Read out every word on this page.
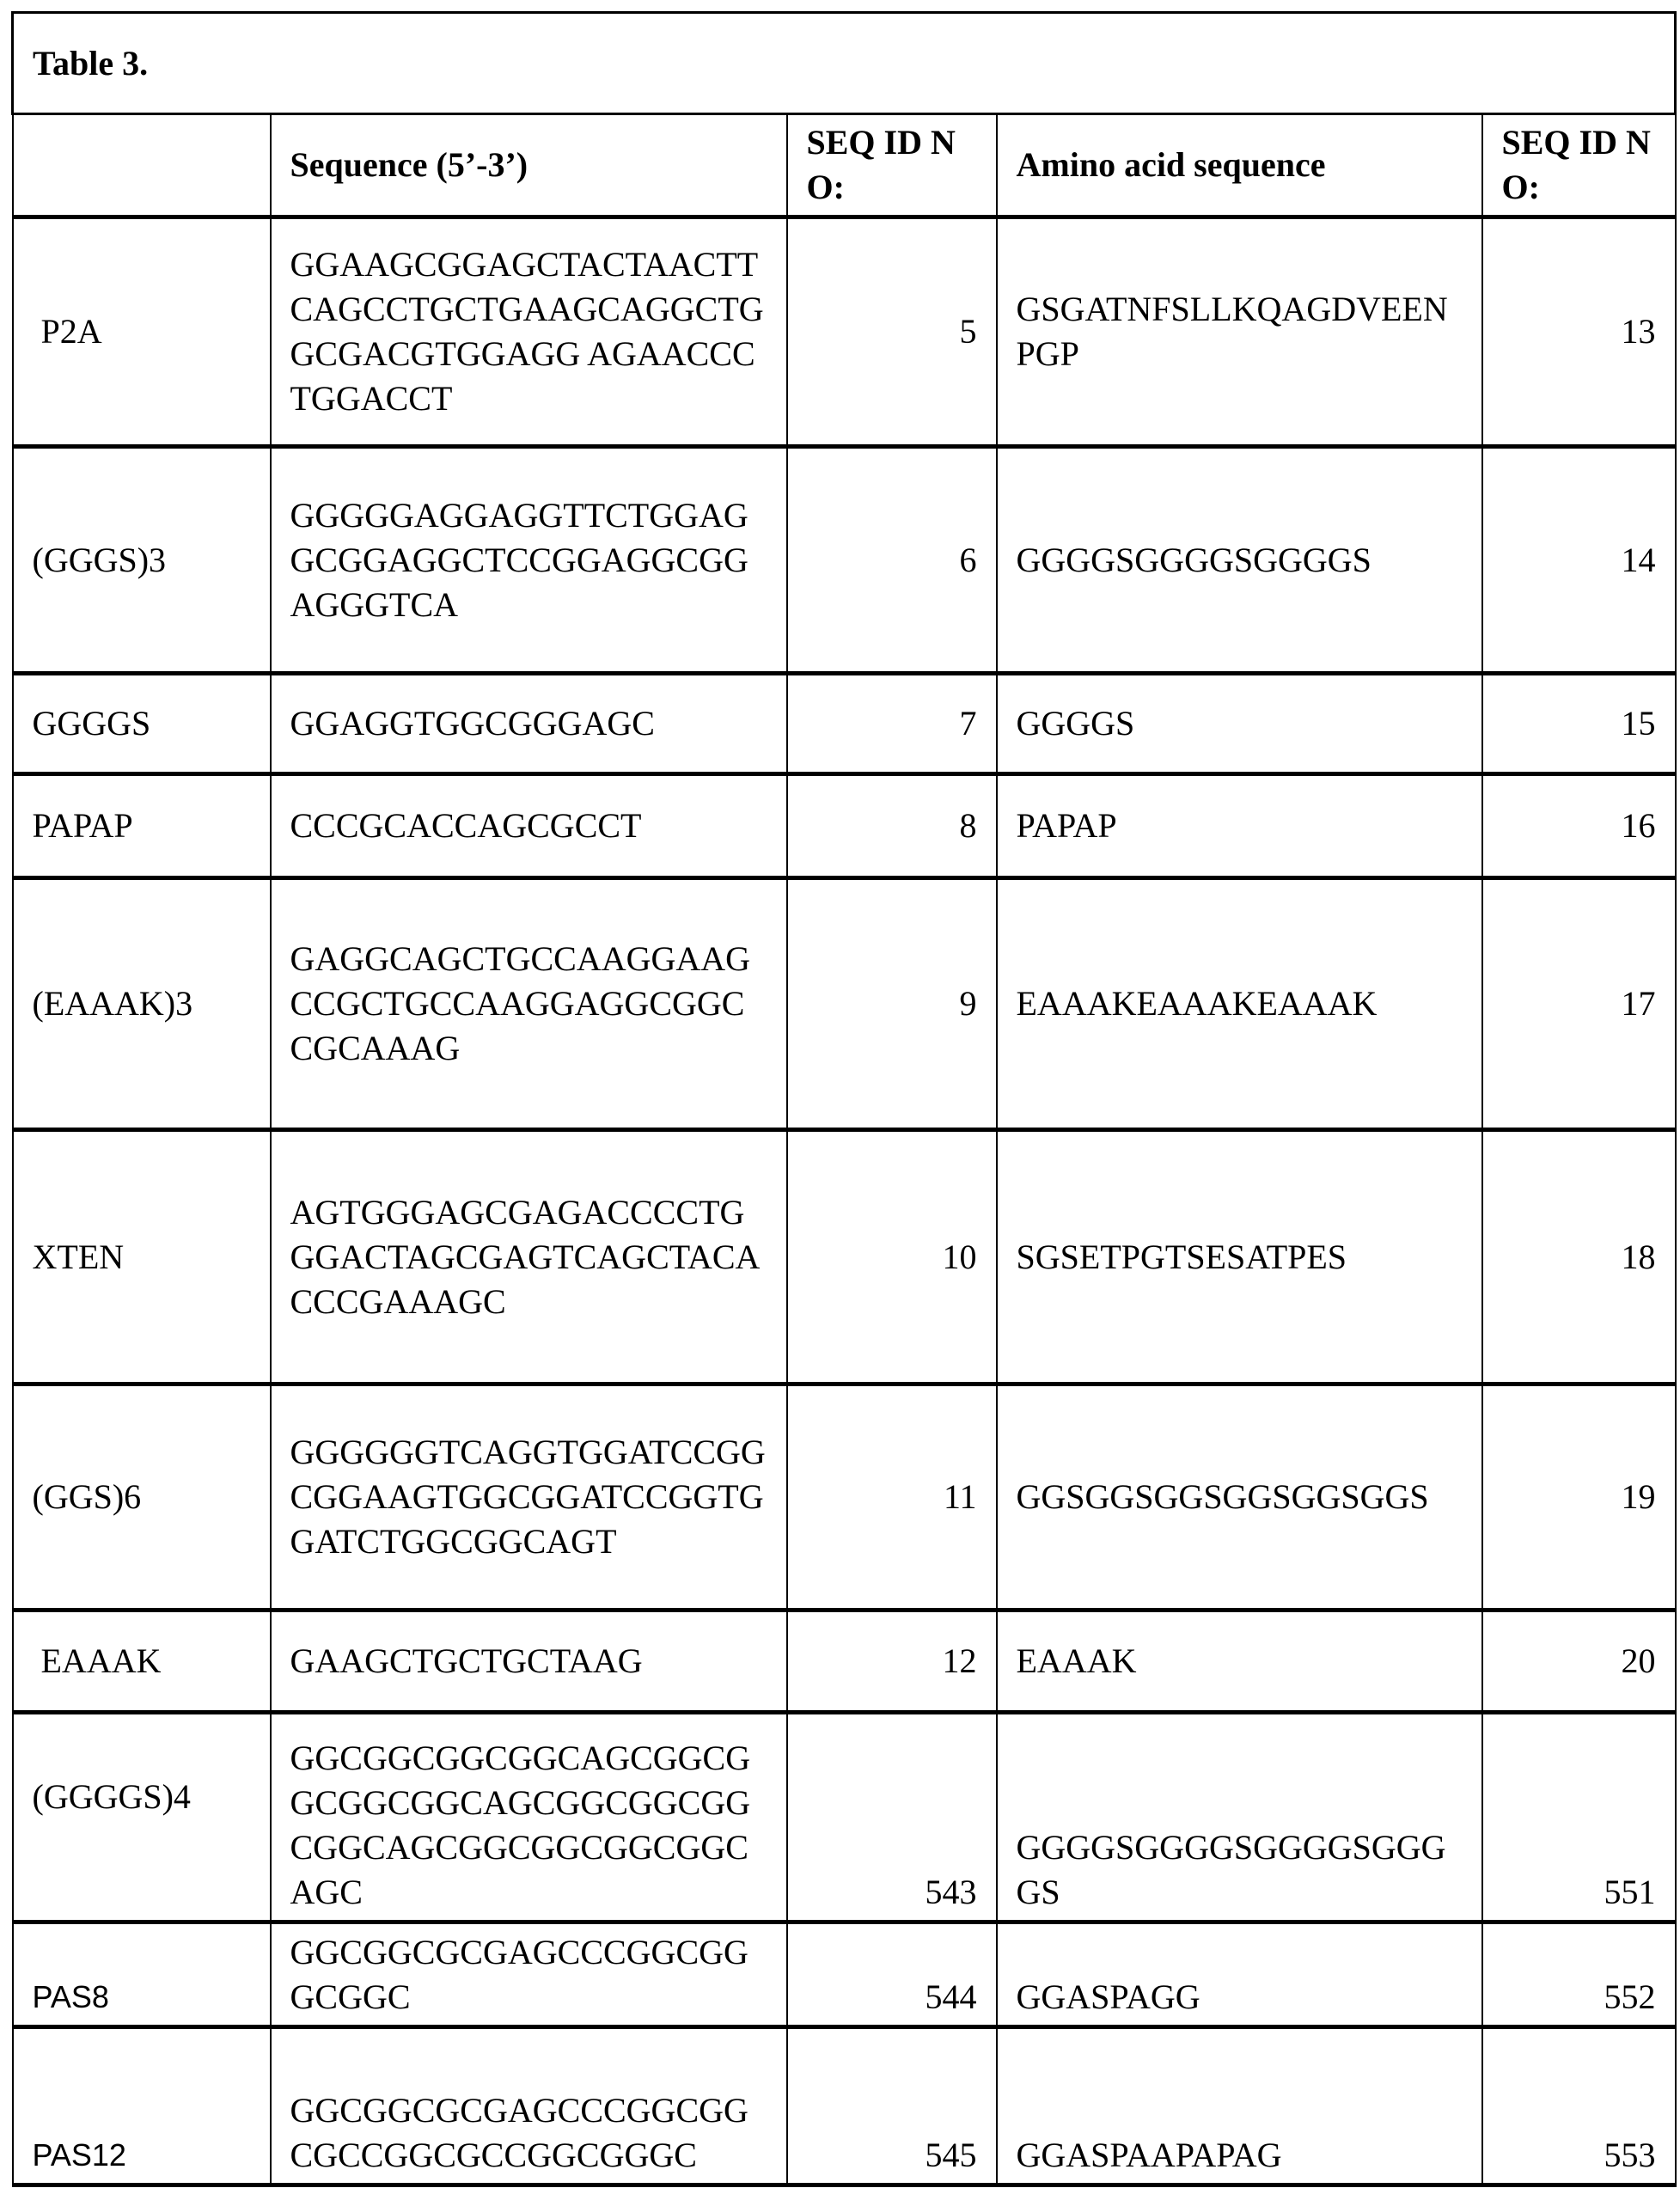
Table 3.
	Sequence (5’-3’)	SEQ ID NO:	Amino acid sequence	SEQ ID NO:
P2A	GGAAGCGGAGCTACTAACTTCAGCCTGCTGAAGCAGGCTGGCGACGTGGAGG AGAACCCTGGACCT	5	GSGATNFSLLKQAGDVEENPGP	13
(GGGS)3	GGGGGAGGAGGTTCTGGAGGCGGAGGCTCCGGAGGCGGAGGGTCA	6	GGGGSGGGGSGGGGS	14
GGGGS	GGAGGTGGCGGGAGC	7	GGGGS	15
PAPAP	CCCGCACCAGCGCCT	8	PAPAP	16
(EAAAK)3	GAGGCAGCTGCCAAGGAAGCCGCTGCCAAGGAGGCGGCCGCAAAG	9	EAAAKEAAAKEAAAK	17
XTEN	AGTGGGAGCGAGACCCCTGGGACTAGCGAGTCAGCTACACCCGAAAGC	10	SGSETPGTSESATPES	18
(GGS)6	GGGGGGTCAGGTGGATCCGGCGGAAGTGGCGGATCCGGTGGATCTGGCGGCAGT	11	GGSGGSGGSGGSGGSGGS	19
EAAAK	GAAGCTGCTGCTAAG	12	EAAAK	20
(GGGGS)4	GGCGGCGGCGGCAGCGGCGGCGGCGGCAGCGGCGGCGGCGGCAGCGGCGGCGGCGGCAGC	543	GGGGSGGGGSGGGGSGGGGS	551
PAS8	GGCGGCGCGAGCCCGGCGGGCGGC	544	GGASPAGG	552
PAS12	GGCGGCGCGAGCCCGGCGGCGCCGGCGCCGGCGGGC	545	GGASPAAPAPAG	553
